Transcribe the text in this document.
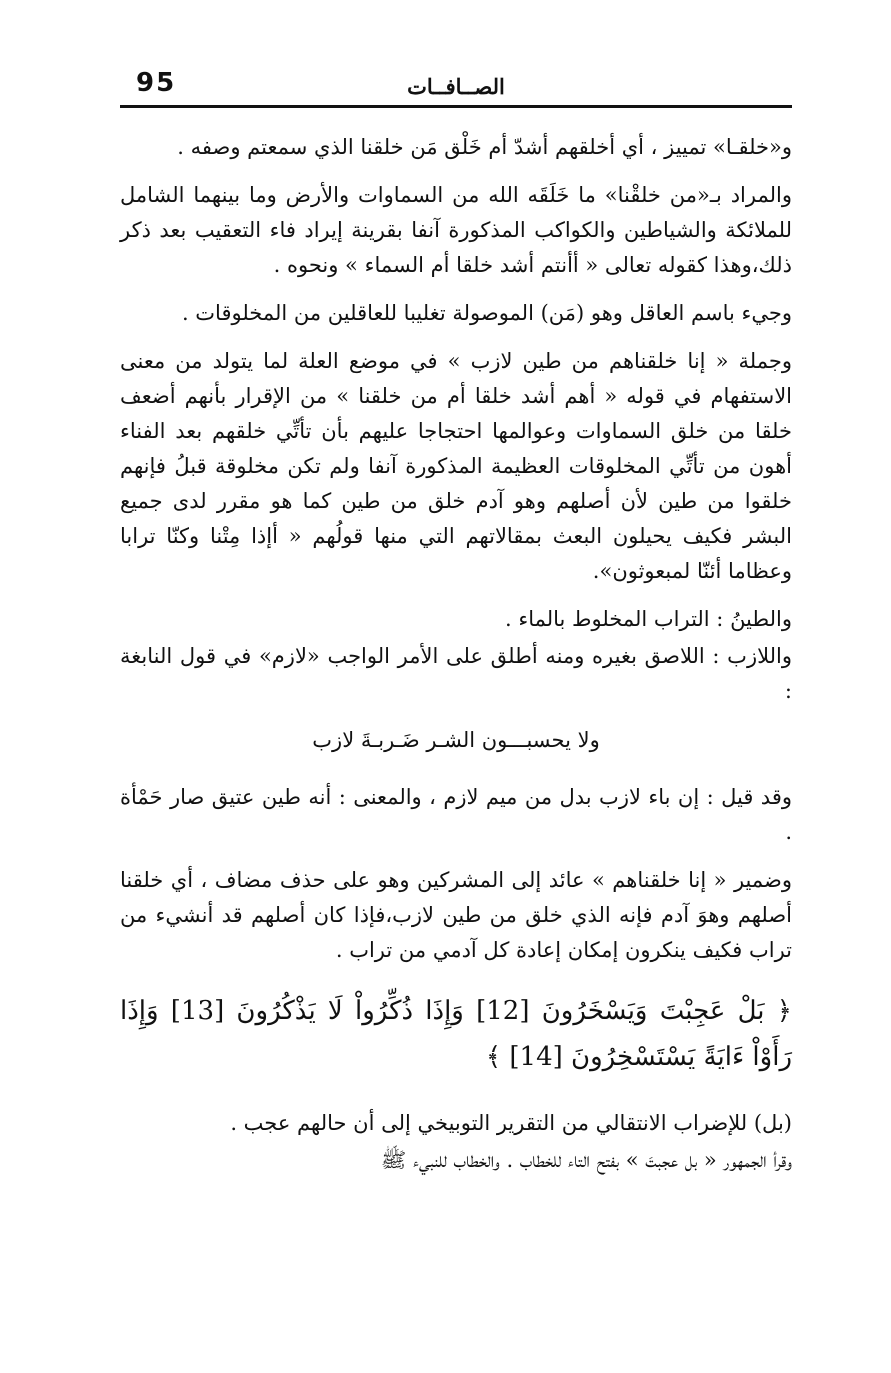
95	الصــافــات

و«خلقـا» تمييز ، أي أخلقهم أشدّ أم خَلْق مَن خلقنا الذي سمعتم وصفه .

والمراد بـ«من خلقْنا» ما خَلَقَه الله من السماوات والأرض وما بينهما الشامل للملائكة والشياطين والكواكب المذكورة آنفا بقرينة إيراد فاء التعقيب بعد ذكر ذلك،وهذا كقوله تعالى « أأنتم أشد خلقا أم السماء » ونحوه .

وجيء باسم العاقل وهو (مَن) الموصولة تغليبا للعاقلين من المخلوقات .

وجملة « إنا خلقناهم من طين لازب » في موضع العلة لما يتولد من معنى الاستفهام في قوله « أهم أشد خلقا أم من خلقنا » من الإقرار بأنهم أضعف خلقا من خلق السماوات وعوالمها احتجاجا عليهم بأن تأتِّي خلقهم بعد الفناء أهون من تأتِّي المخلوقات العظيمة المذكورة آنفا ولم تكن مخلوقة قبلُ فإنهم خلقوا من طين لأن أصلهم وهو آدم خلق من طين كما هو مقرر لدى جميع البشر فكيف يحيلون البعث بمقالاتهم التي منها قولُهم « أإذا مِتْنا وكنّا ترابا وعظاما أئنّا لمبعوثون».

والطينُ : التراب المخلوط بالماء .

واللازب : اللاصق بغيره ومنه أطلق على الأمر الواجب «لازم» في قول النابغة :

ولا يحسبـــون الشـر ضَـربـةَ لازب

وقد قيل : إن باء لازب بدل من ميم لازم ، والمعنى : أنه طين عتيق صار حَمْأة .

وضمير « إنا خلقناهم » عائد إلى المشركين وهو على حذف مضاف ، أي خلقنا أصلهم وهوَ آدم فإنه الذي خلق من طين لازب،فإذا كان أصلهم قد أنشيء من تراب فكيف ينكرون إمكان إعادة كل آدمي من تراب .

﴿ بَلْ عَجِبْتَ وَيَسْخَرُونَ [12] وَإِذَا ذُكِّرُواْ لَا يَذْكُرُونَ [13] وَإِذَا رَأَوْاْ ءَايَةً يَسْتَسْخِرُونَ [14] ﴾

(بل) للإضراب الانتقالي من التقرير التوبيخي إلى أن حالهم عجب .

وقرأ الجمهور « بل عجبتَ » بفتح التاء للخطاب . والخطاب للنبيء ﷺ
